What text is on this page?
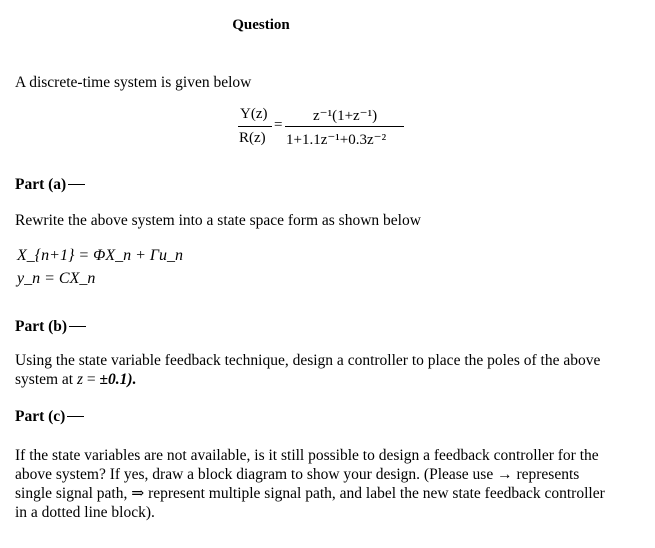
Question
A discrete-time system is given below
Y(z)
R(z)
=
z⁻¹(1+z⁻¹)
1+1.1z⁻¹+0.3z⁻²
Part (a)
Rewrite the above system into a state space form as shown below
X_{n+1} = ΦX_n + Γu_n
y_n = CX_n
Part (b)
Using the state variable feedback technique, design a controller to place the poles of the above
system at z = ±0.1).
Part (c)
If the state variables are not available, is it still possible to design a feedback controller for the
above system? If yes, draw a block diagram to show your design. (Please use → represents
single signal path, ⇒ represent multiple signal path, and label the new state feedback controller
in a dotted line block).
